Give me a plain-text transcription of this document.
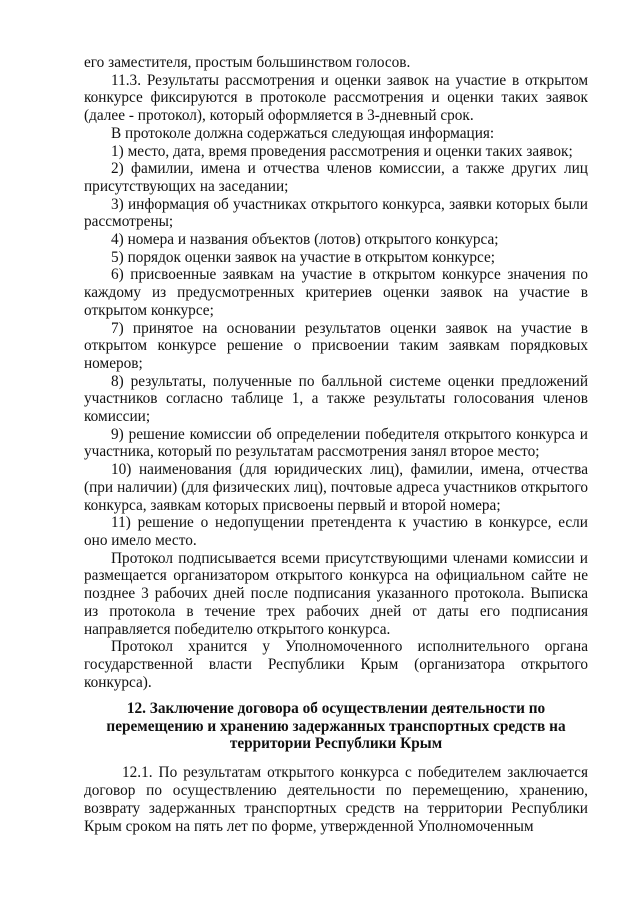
его заместителя, простым большинством голосов.

11.3. Результаты рассмотрения и оценки заявок на участие в открытом конкурсе фиксируются в протоколе рассмотрения и оценки таких заявок (далее - протокол), который оформляется в 3-дневный срок.

В протоколе должна содержаться следующая информация:

1) место, дата, время проведения рассмотрения и оценки таких заявок;

2) фамилии, имена и отчества членов комиссии, а также других лиц присутствующих на заседании;

3) информация об участниках открытого конкурса, заявки которых были рассмотрены;

4) номера и названия объектов (лотов) открытого конкурса;

5) порядок оценки заявок на участие в открытом конкурсе;

6) присвоенные заявкам на участие в открытом конкурсе значения по каждому из предусмотренных критериев оценки заявок на участие в открытом конкурсе;

7) принятое на основании результатов оценки заявок на участие в открытом конкурсе решение о присвоении таким заявкам порядковых номеров;

8) результаты, полученные по балльной системе оценки предложений участников согласно таблице 1, а также результаты голосования членов комиссии;

9) решение комиссии об определении победителя открытого конкурса и участника, который по результатам рассмотрения занял второе место;

10) наименования (для юридических лиц), фамилии, имена, отчества (при наличии) (для физических лиц), почтовые адреса участников открытого конкурса, заявкам которых присвоены первый и второй номера;

11) решение о недопущении претендента к участию в конкурсе, если оно имело место.

Протокол подписывается всеми присутствующими членами комиссии и размещается организатором открытого конкурса на официальном сайте не позднее 3 рабочих дней после подписания указанного протокола. Выписка из протокола в течение трех рабочих дней от даты его подписания направляется победителю открытого конкурса.

Протокол хранится у Уполномоченного исполнительного органа государственной власти Республики Крым (организатора открытого конкурса).

12. Заключение договора об осуществлении деятельности по
перемещению и хранению задержанных транспортных средств на
территории Республики Крым

12.1. По результатам открытого конкурса с победителем заключается договор по осуществлению деятельности по перемещению, хранению, возврату задержанных транспортных средств на территории Республики Крым сроком на пять лет по форме, утвержденной Уполномоченным
